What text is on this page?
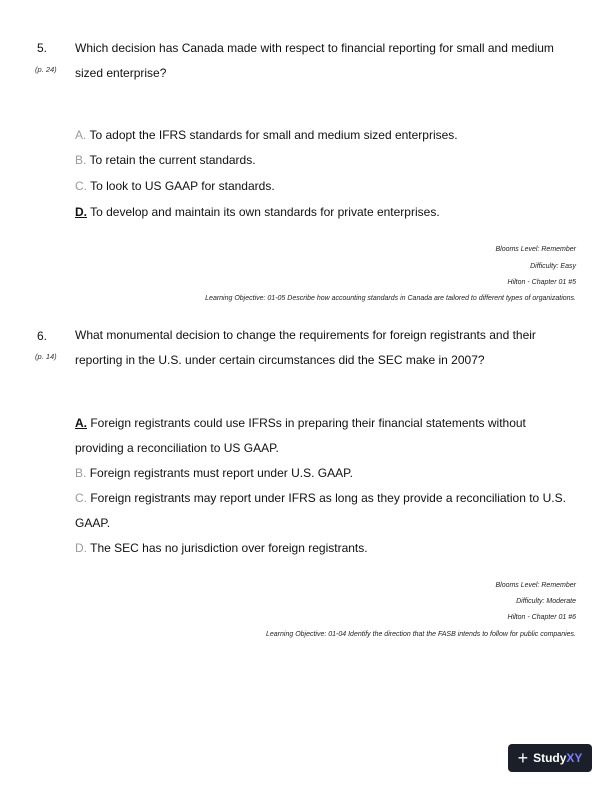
5.
(p. 24)
Which decision has Canada made with respect to financial reporting for small and medium sized enterprise?
A. To adopt the IFRS standards for small and medium sized enterprises.
B. To retain the current standards.
C. To look to US GAAP for standards.
D. To develop and maintain its own standards for private enterprises.
Blooms Level: Remember
Difficulty: Easy
Hilton - Chapter 01 #5
Learning Objective: 01-05 Describe how accounting standards in Canada are tailored to different types of organizations.
6.
(p. 14)
What monumental decision to change the requirements for foreign registrants and their reporting in the U.S. under certain circumstances did the SEC make in 2007?
A. Foreign registrants could use IFRSs in preparing their financial statements without providing a reconciliation to US GAAP.
B. Foreign registrants must report under U.S. GAAP.
C. Foreign registrants may report under IFRS as long as they provide a reconciliation to U.S. GAAP.
D. The SEC has no jurisdiction over foreign registrants.
Blooms Level: Remember
Difficulty: Moderate
Hilton - Chapter 01 #6
Learning Objective: 01-04 Identify the direction that the FASB intends to follow for public companies.
+ StudyXY
